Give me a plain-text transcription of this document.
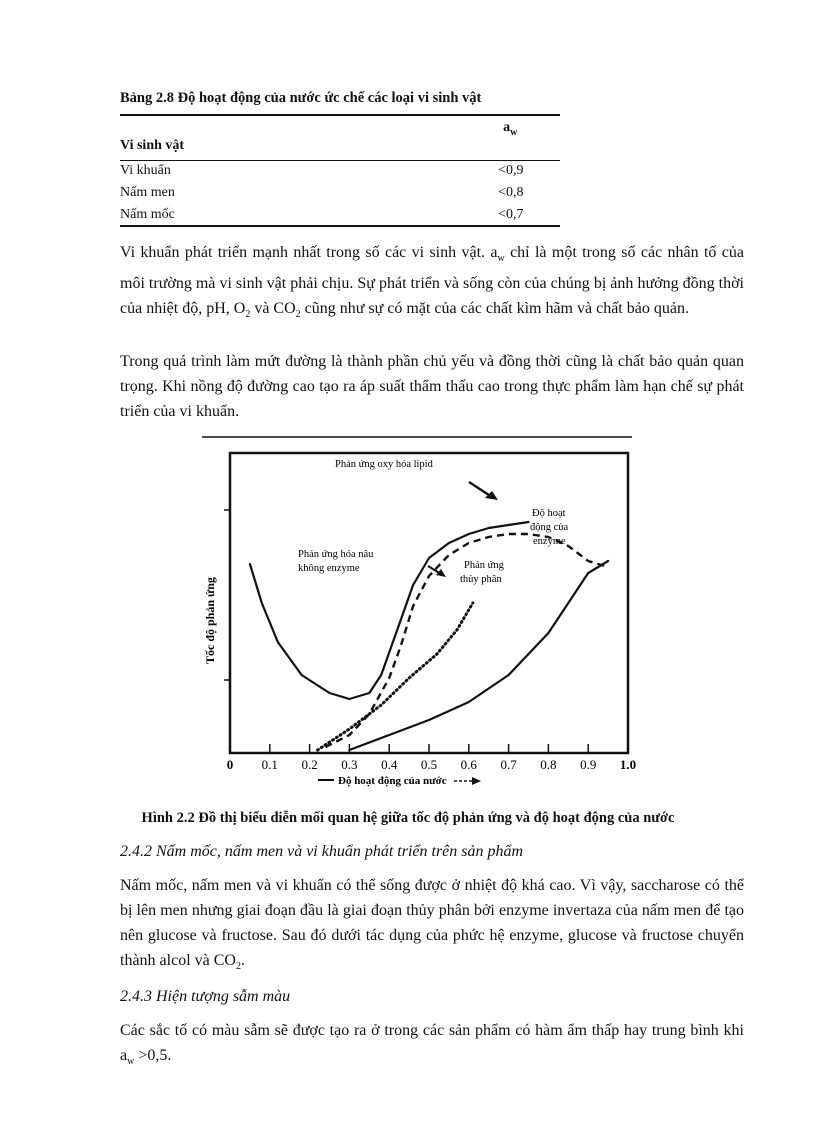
Bảng 2.8 Độ hoạt động của nước ức chế các loại vi sinh vật
Vi sinh vật	$a_w$
Vi khuẩn	<0,9
Nấm men	<0,8
Nấm mốc	<0,7

Vi khuẩn phát triển mạnh nhất trong số các vi sinh vật. $a_w$ chỉ là một trong số các nhân tố của môi trường mà vi sinh vật phải chịu. Sự phát triển và sống còn của chúng bị ảnh hưởng đồng thời của nhiệt độ, pH, $O_2$ và $CO_2$ cũng như sự có mặt của các chất kìm hãm và chất bảo quản.

Trong quá trình làm mứt đường là thành phần chủ yếu và đồng thời cũng là chất bảo quản quan trọng. Khi nồng độ đường cao tạo ra áp suất thẩm thấu cao trong thực phẩm làm hạn chế sự phát triển của vi khuẩn.

0 0.1 0.2 0.3 0.4 0.5 0.6 0.7 0.8 0.9 1.0
Phản ứng oxy hóa lipid
Phản ứng hóa nâu
không enzyme	Phản ứng
thủy phân
Độ hoạt
động của
enzyme
Tốc độ phản ứng
Độ hoạt động của nước
Hình 2.2 Đồ thị biểu diễn mối quan hệ giữa tốc độ phản ứng và độ hoạt động của nước
2.4.2 Nấm mốc, nấm men và vi khuẩn phát triển trên sản phẩm

Nấm mốc, nấm men và vi khuẩn có thể sống được ở nhiệt độ khá cao. Vì vậy, saccharose có thể bị lên men nhưng giai đoạn đầu là giai đoạn thủy phân bởi enzyme invertaza của nấm men để tạo nên glucose và fructose. Sau đó dưới tác dụng của phức hệ enzyme, glucose và fructose chuyển thành alcol và $CO_2$.

2.4.3 Hiện tượng sẫm màu

Các sắc tố có màu sẫm sẽ được tạo ra ở trong các sản phẩm có hàm ẩm thấp hay trung bình khi $a_w >0,5$.
